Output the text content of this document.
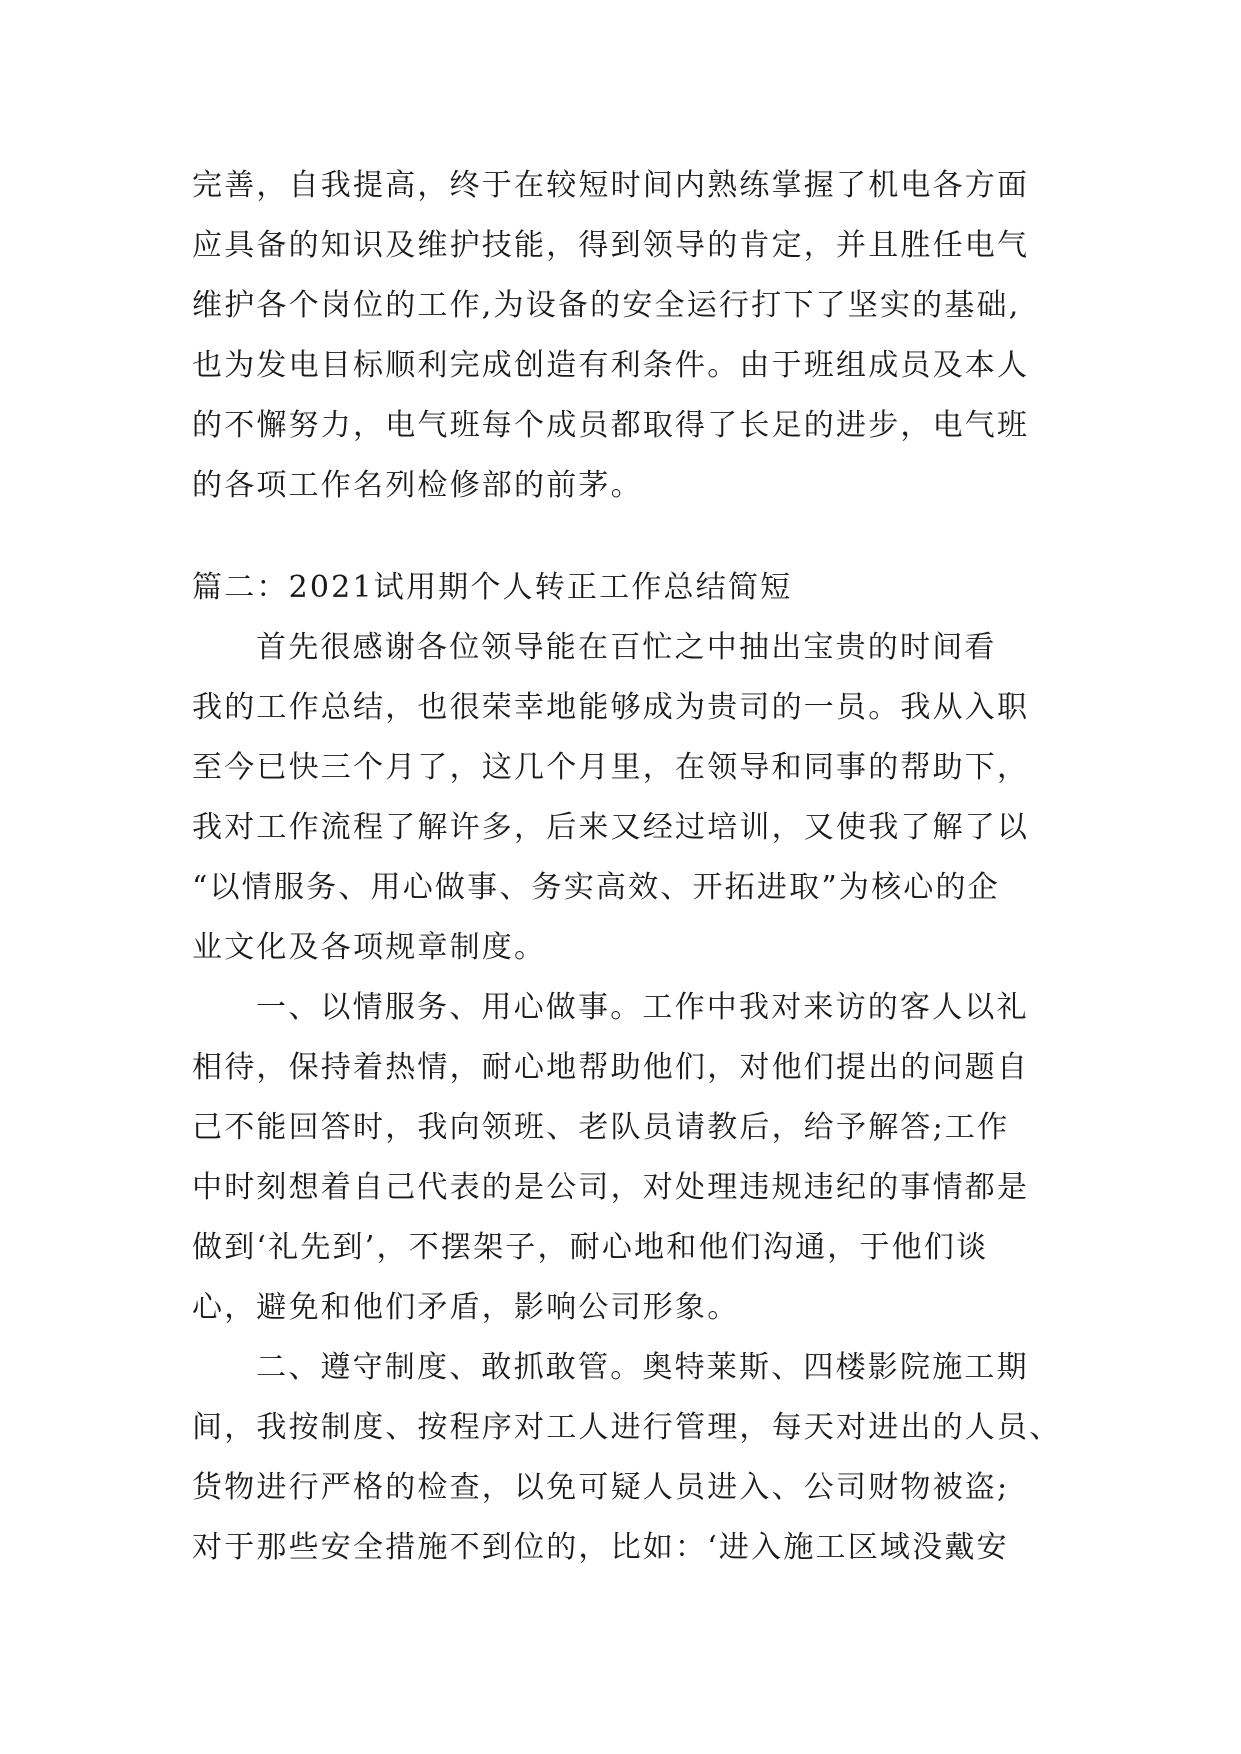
完善，自我提高，终于在较短时间内熟练掌握了机电各方面
应具备的知识及维护技能，得到领导的肯定，并且胜任电气
维护各个岗位的工作,为设备的安全运行打下了坚实的基础,
也为发电目标顺利完成创造有利条件。由于班组成员及本人
的不懈努力，电气班每个成员都取得了长足的进步，电气班
的各项工作名列检修部的前茅。
篇二：2021试用期个人转正工作总结简短
首先很感谢各位领导能在百忙之中抽出宝贵的时间看
我的工作总结，也很荣幸地能够成为贵司的一员。我从入职
至今已快三个月了，这几个月里，在领导和同事的帮助下，
我对工作流程了解许多，后来又经过培训，又使我了解了以
“以情服务、用心做事、务实高效、开拓进取”为核心的企
业文化及各项规章制度。
一、以情服务、用心做事。工作中我对来访的客人以礼
相待，保持着热情，耐心地帮助他们，对他们提出的问题自
己不能回答时，我向领班、老队员请教后，给予解答;工作
中时刻想着自己代表的是公司，对处理违规违纪的事情都是
做到‘礼先到’，不摆架子，耐心地和他们沟通，于他们谈
心，避免和他们矛盾，影响公司形象。
二、遵守制度、敢抓敢管。奥特莱斯、四楼影院施工期
间，我按制度、按程序对工人进行管理，每天对进出的人员、
货物进行严格的检查，以免可疑人员进入、公司财物被盗;
对于那些安全措施不到位的，比如：‘进入施工区域没戴安
